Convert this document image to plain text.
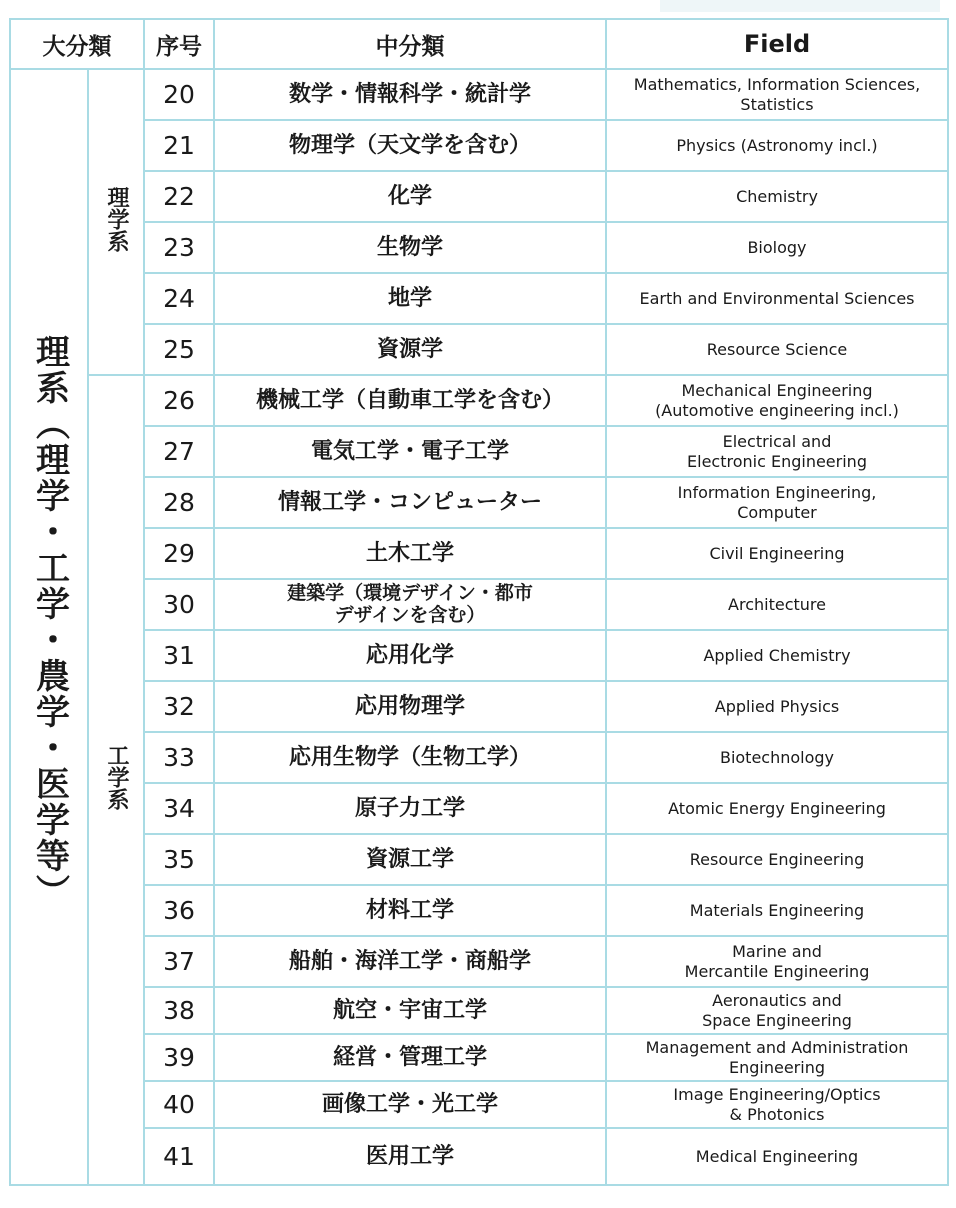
大分類		序号	中分類	Field
理系（理学・工学・農学・医学等）	理学系	20	数学・情報科学・統計学	Mathematics, Information Sciences,
Statistics
		21	物理学（天文学を含む）	Physics (Astronomy incl.)
		22	化学	Chemistry
		23	生物学	Biology
		24	地学	Earth and Environmental Sciences
		25	資源学	Resource Science
	工学系	26	機械工学（自動車工学を含む）	Mechanical Engineering
(Automotive engineering incl.)
		27	電気工学・電子工学	Electrical and
Electronic Engineering
		28	情報工学・コンピューター	Information Engineering,
Computer
		29	土木工学	Civil Engineering
		30	建築学（環境デザイン・都市
デザインを含む）	Architecture
		31	応用化学	Applied Chemistry
		32	応用物理学	Applied Physics
		33	応用生物学（生物工学）	Biotechnology
		34	原子力工学	Atomic Energy Engineering
		35	資源工学	Resource Engineering
		36	材料工学	Materials Engineering
		37	船舶・海洋工学・商船学	Marine and
Mercantile Engineering
		38	航空・宇宙工学	Aeronautics and
Space Engineering
		39	経営・管理工学	Management and Administration
Engineering
		40	画像工学・光工学	Image Engineering/Optics
& Photonics
		41	医用工学	Medical Engineering
